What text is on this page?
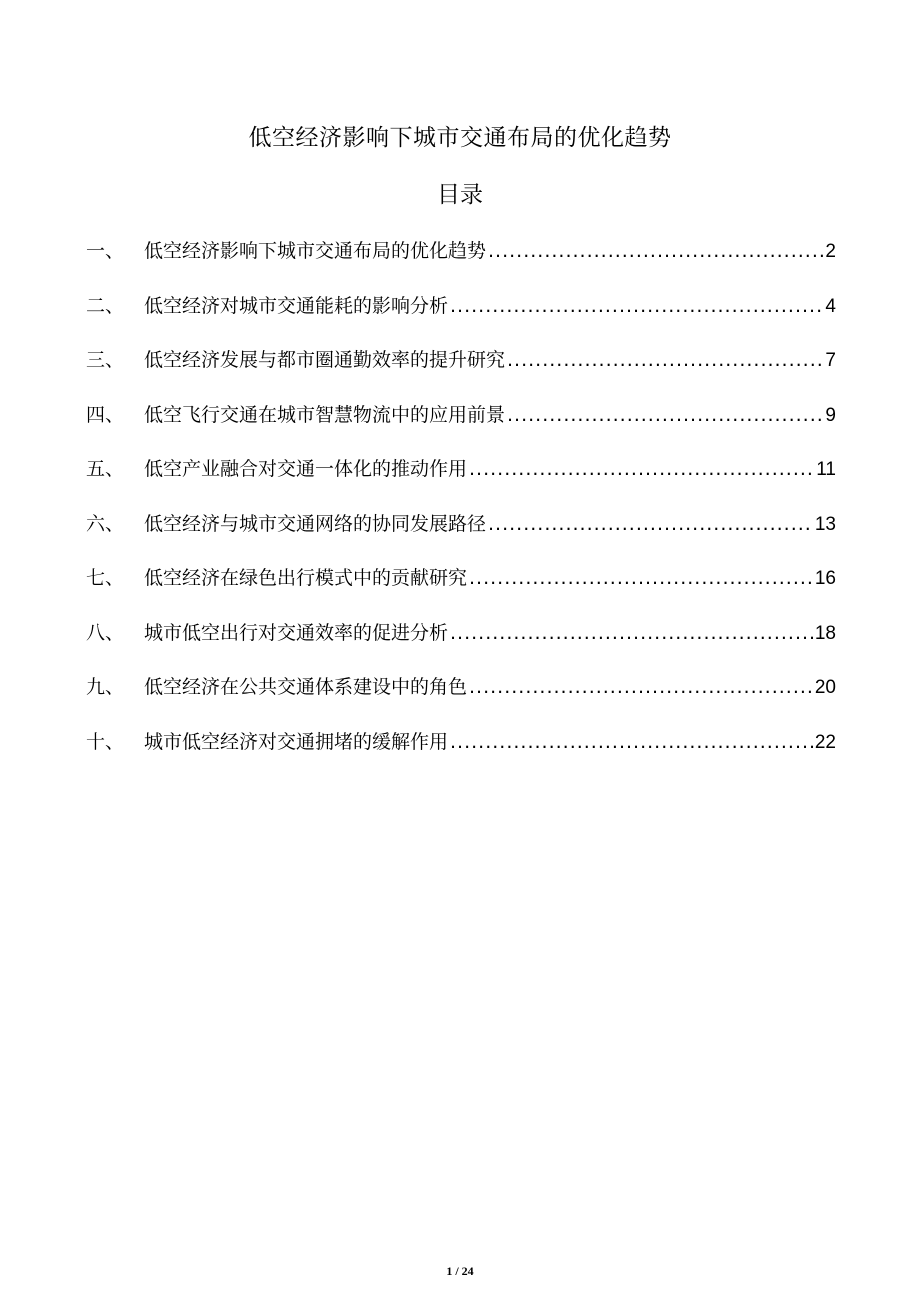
低空经济影响下城市交通布局的优化趋势
目录
一、	低空经济影响下城市交通布局的优化趋势 .....	2
二、	低空经济对城市交通能耗的影响分析 .....	4
三、	低空经济发展与都市圈通勤效率的提升研究 .....	7
四、	低空飞行交通在城市智慧物流中的应用前景 .....	9
五、	低空产业融合对交通一体化的推动作用 .....	11
六、	低空经济与城市交通网络的协同发展路径 .....	13
七、	低空经济在绿色出行模式中的贡献研究 .....	16
八、	城市低空出行对交通效率的促进分析 .....	18
九、	低空经济在公共交通体系建设中的角色 .....	20
十、	城市低空经济对交通拥堵的缓解作用 .....	22
1 / 24
